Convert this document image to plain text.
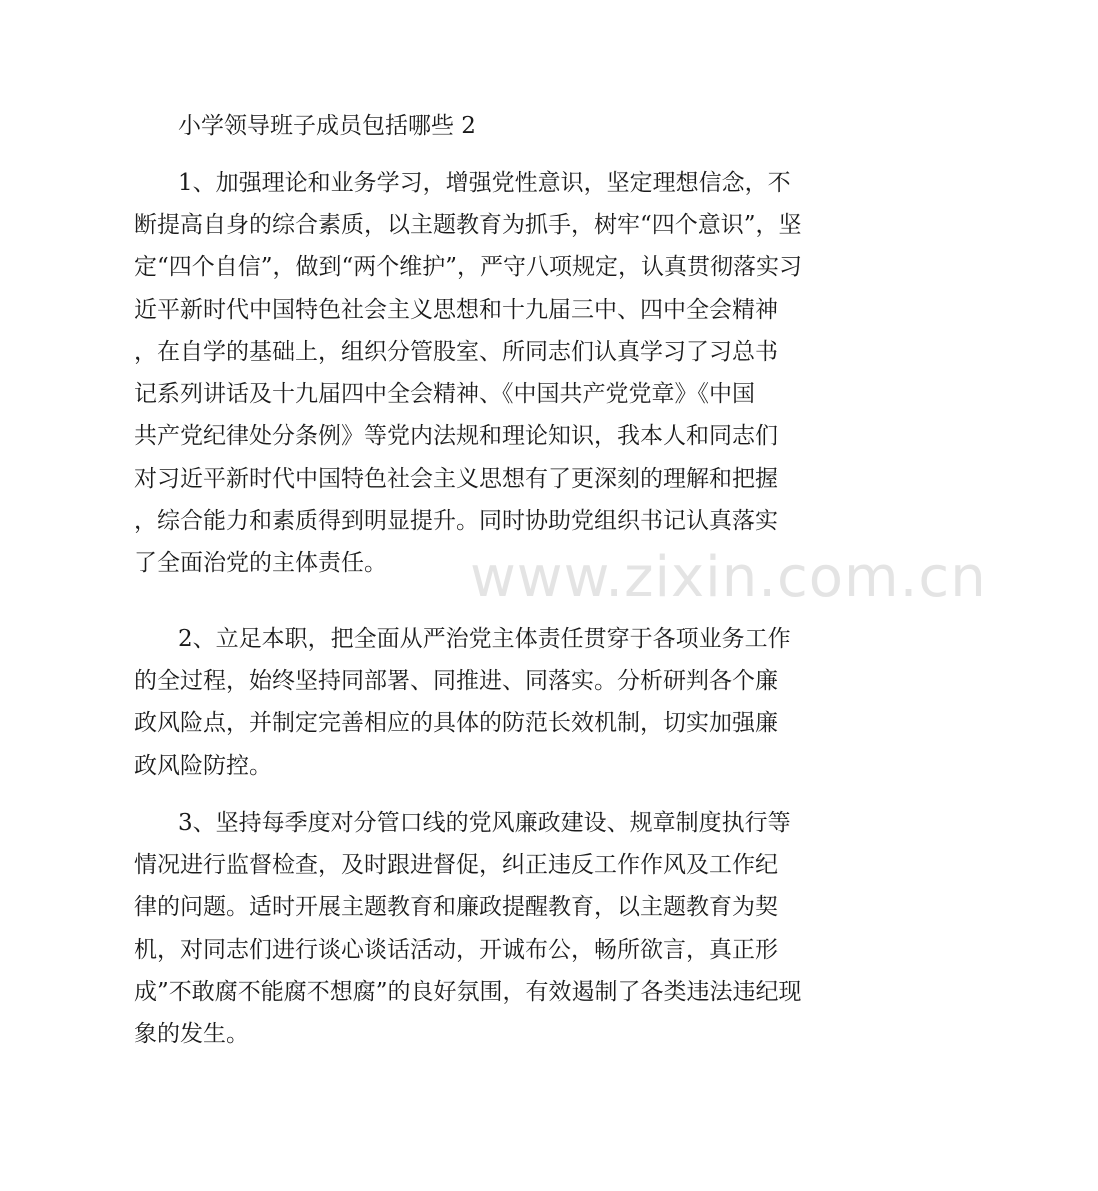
小学领导班子成员包括哪些 2
1、加强理论和业务学习，增强党性意识，坚定理想信念，不
断提高自身的综合素质，以主题教育为抓手，树牢“四个意识”，坚
定“四个自信”，做到“两个维护”，严守八项规定，认真贯彻落实习
近平新时代中国特色社会主义思想和十九届三中、四中全会精神
，在自学的基础上，组织分管股室、所同志们认真学习了习总书
记系列讲话及十九届四中全会精神、《中国共产党党章》《中国
共产党纪律处分条例》等党内法规和理论知识，我本人和同志们
对习近平新时代中国特色社会主义思想有了更深刻的理解和把握
，综合能力和素质得到明显提升。同时协助党组织书记认真落实
了全面治党的主体责任。
2、立足本职，把全面从严治党主体责任贯穿于各项业务工作
的全过程，始终坚持同部署、同推进、同落实。分析研判各个廉
政风险点，并制定完善相应的具体的防范长效机制，切实加强廉
政风险防控。
3、坚持每季度对分管口线的党风廉政建设、规章制度执行等
情况进行监督检查，及时跟进督促，纠正违反工作作风及工作纪
律的问题。适时开展主题教育和廉政提醒教育，以主题教育为契
机，对同志们进行谈心谈话活动，开诚布公，畅所欲言，真正形
成”不敢腐不能腐不想腐”的良好氛围，有效遏制了各类违法违纪现
象的发生。
www.zixin.com.cn
